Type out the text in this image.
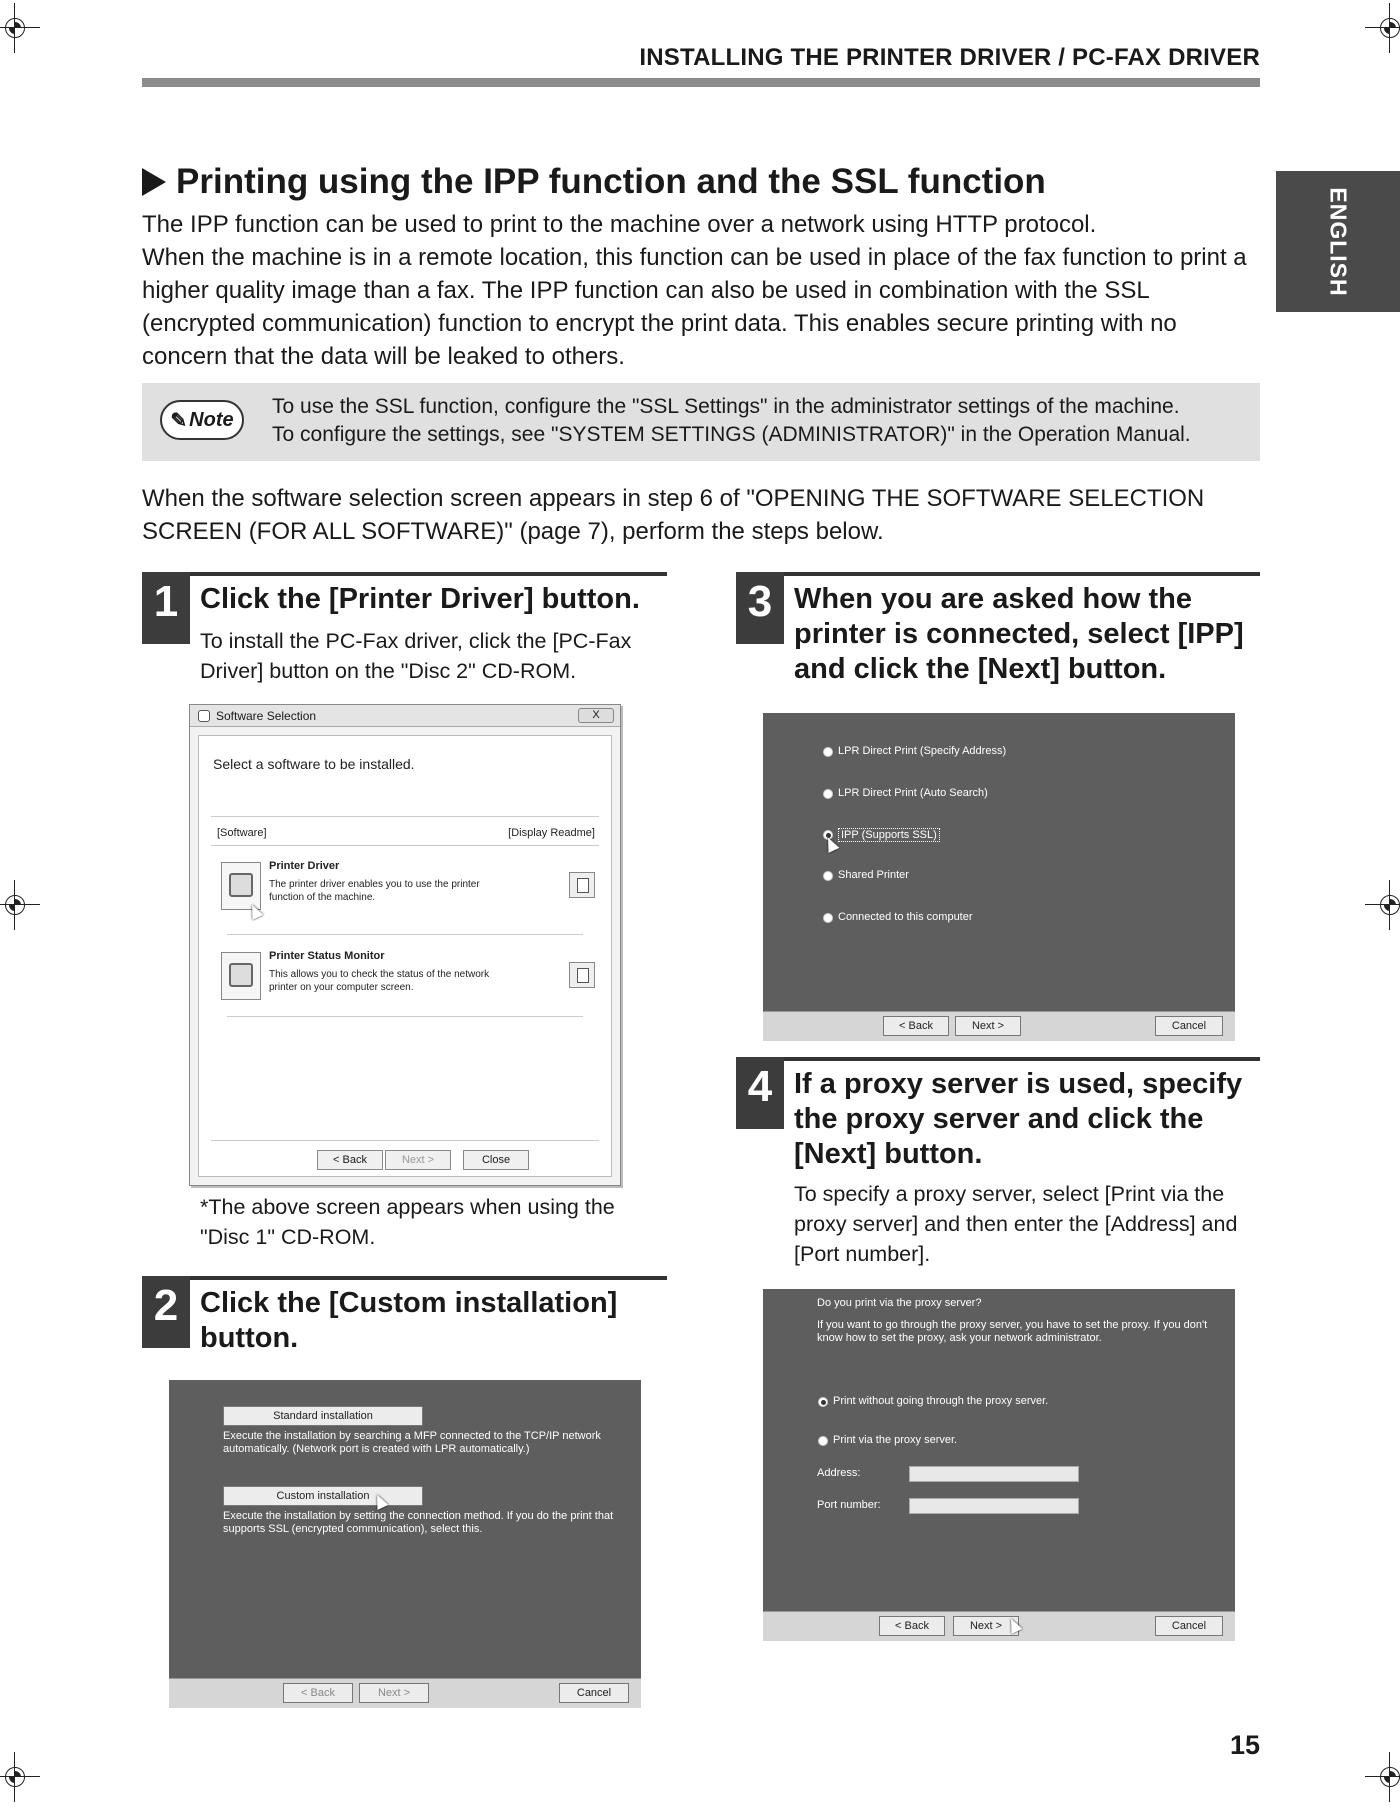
INSTALLING THE PRINTER DRIVER / PC-FAX DRIVER
ENGLISH
Printing using the IPP function and the SSL function

The IPP function can be used to print to the machine over a network using HTTP protocol.

When the machine is in a remote location, this function can be used in place of the fax function to print a higher quality image than a fax. The IPP function can also be used in combination with the SSL (encrypted communication) function to encrypt the print data. This enables secure printing with no concern that the data will be leaked to others.

✎ Note
To use the SSL function, configure the "SSL Settings" in the administrator settings of the machine.
To configure the settings, see "SYSTEM SETTINGS (ADMINISTRATOR)" in the Operation Manual.
When the software selection screen appears in step 6 of "OPENING THE SOFTWARE SELECTION SCREEN (FOR ALL SOFTWARE)" (page 7), perform the steps below.
1 Click the [Printer Driver] button.
To install the PC-Fax driver, click the [PC-Fax Driver] button on the "Disc 2" CD-ROM.
Software Selection	X
Select a software to be installed.
[Software]	[Display Readme]
Printer Driver
The printer driver enables you to use the printer function of the machine.
Printer Status Monitor
This allows you to check the status of the network printer on your computer screen.
< Back	Next >	Close
*The above screen appears when using the "Disc 1" CD-ROM.
2 Click the [Custom installation] button.
Standard installation
Execute the installation by searching a MFP connected to the TCP/IP network automatically. (Network port is created with LPR automatically.)
Custom installation
Execute the installation by setting the connection method. If you do the print that supports SSL (encrypted communication), select this.
< Back	Next >	Cancel
3 When you are asked how the printer is connected, select [IPP] and click the [Next] button.
LPR Direct Print (Specify Address)
LPR Direct Print (Auto Search)
IPP (Supports SSL)
Shared Printer
Connected to this computer
< Back	Next >	Cancel
4 If a proxy server is used, specify the proxy server and click the [Next] button.
To specify a proxy server, select [Print via the proxy server] and then enter the [Address] and [Port number].
Do you print via the proxy server?
If you want to go through the proxy server, you have to set the proxy. If you don't know how to set the proxy, ask your network administrator.
Print without going through the proxy server.
Print via the proxy server.
Address:
Port number:
< Back	Next >	Cancel
15
